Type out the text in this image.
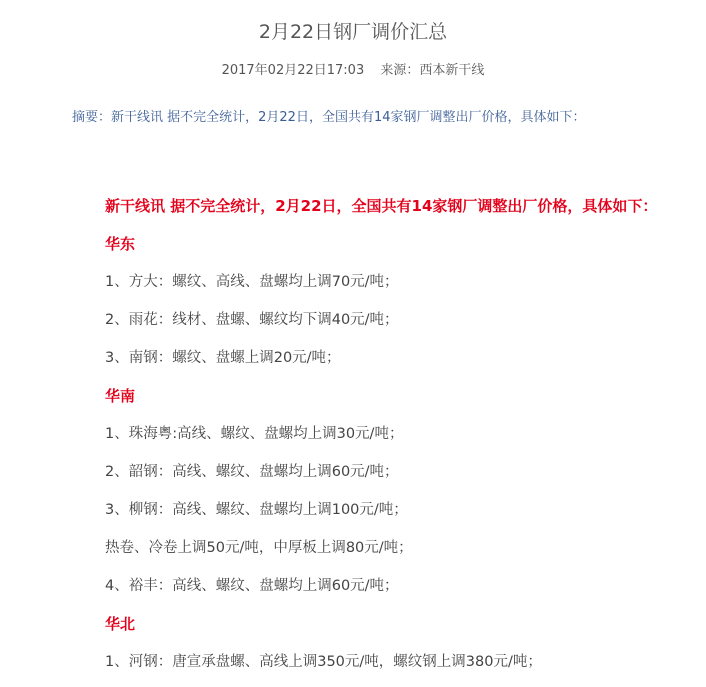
2月22日钢厂调价汇总
2017年02月22日17:03 来源：西本新干线
摘要：新干线讯 据不完全统计，2月22日，全国共有14家钢厂调整出厂价格，具体如下：
新干线讯 据不完全统计，2月22日，全国共有14家钢厂调整出厂价格，具体如下：
华东
1、方大：螺纹、高线、盘螺均上调70元/吨；
2、雨花：线材、盘螺、螺纹均下调40元/吨；
3、南钢：螺纹、盘螺上调20元/吨；
华南
1、珠海粤:高线、螺纹、盘螺均上调30元/吨；
2、韶钢：高线、螺纹、盘螺均上调60元/吨；
3、柳钢：高线、螺纹、盘螺均上调100元/吨；
热卷、冷卷上调50元/吨，中厚板上调80元/吨；
4、裕丰：高线、螺纹、盘螺均上调60元/吨；
华北
1、河钢：唐宣承盘螺、高线上调350元/吨，螺纹钢上调380元/吨；
